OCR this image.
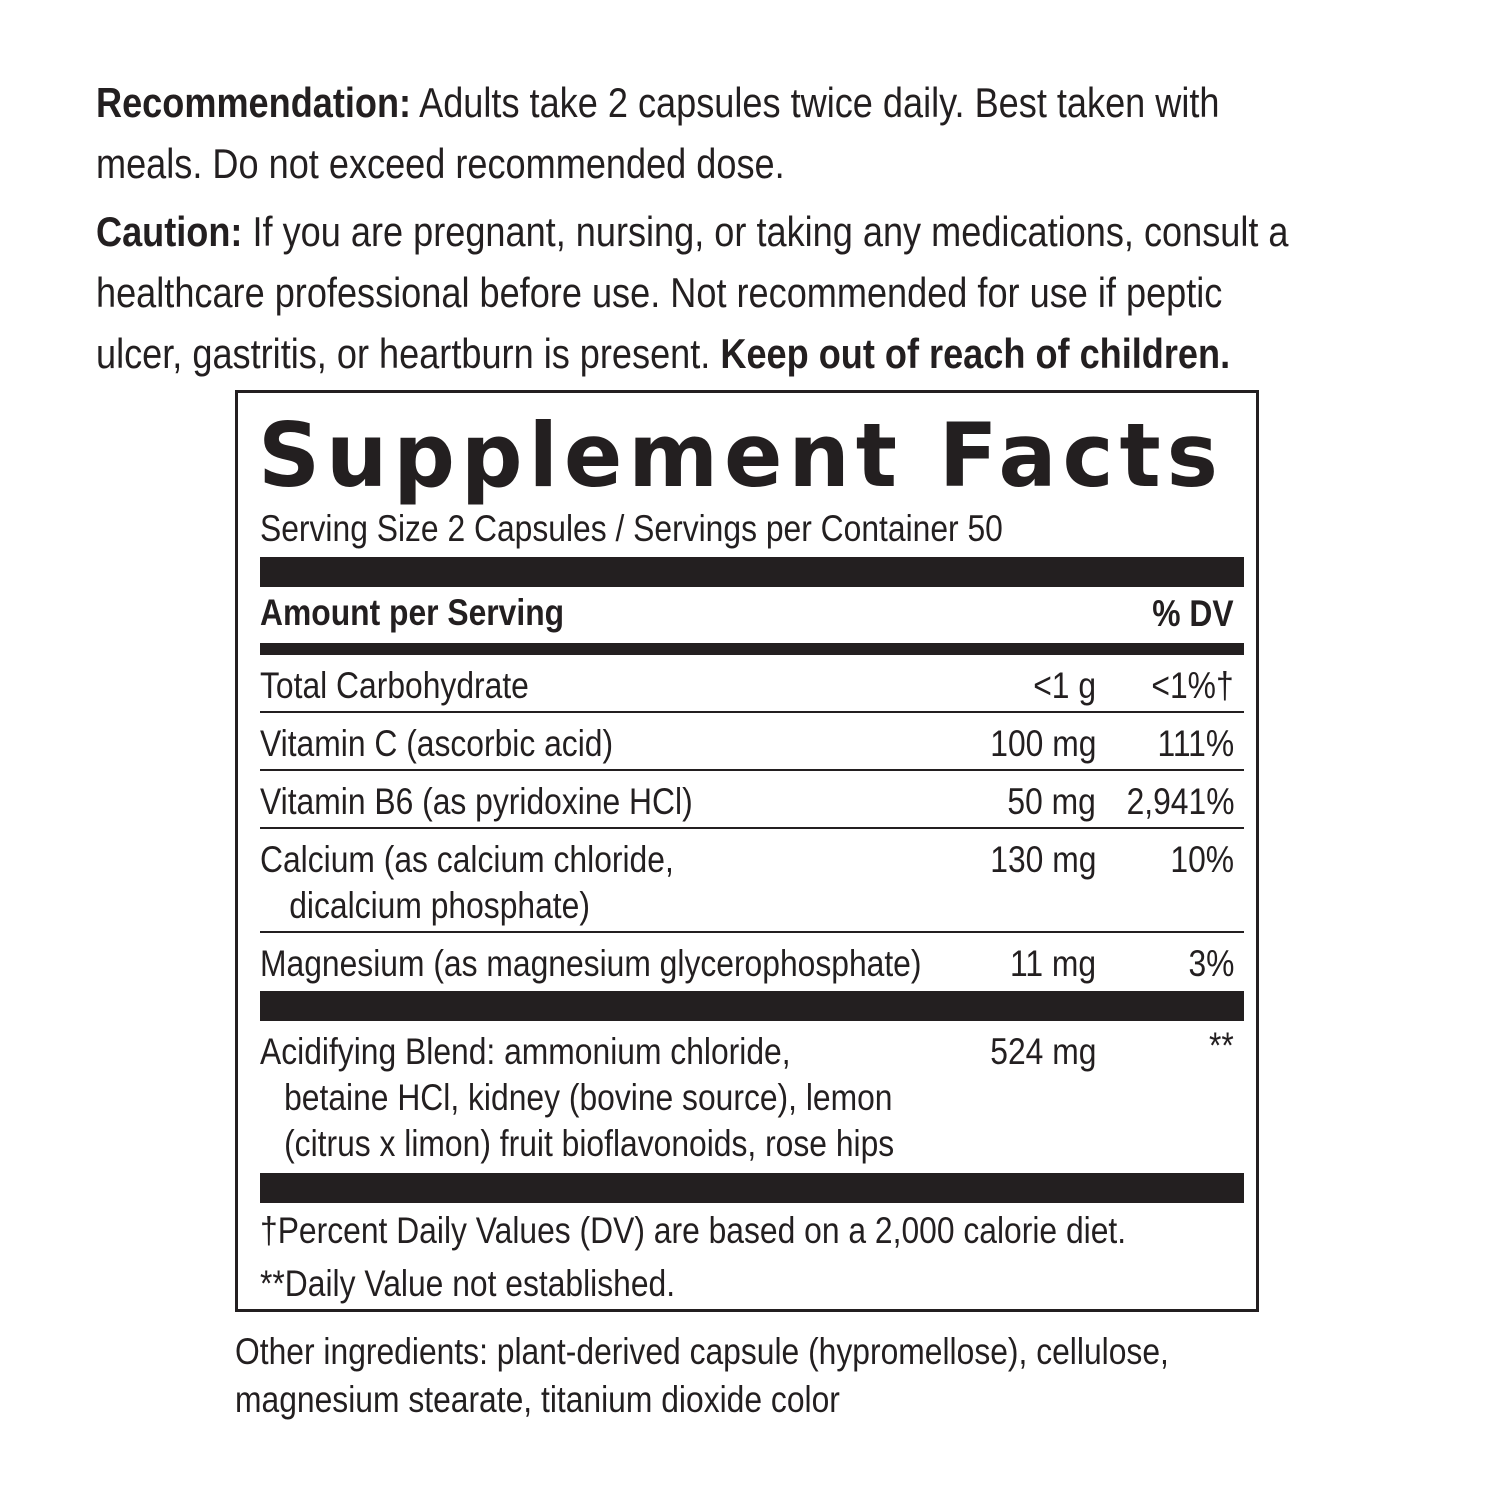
Recommendation: Adults take 2 capsules twice daily. Best taken with
meals. Do not exceed recommended dose.
Caution: If you are pregnant, nursing, or taking any medications, consult a
healthcare professional before use. Not recommended for use if peptic
ulcer, gastritis, or heartburn is present. Keep out of reach of children.
Supplement Facts
Serving Size 2 Capsules / Servings per Container 50
Amount per Serving	% DV
Total Carbohydrate	<1 g <1%†
Vitamin C (ascorbic acid)	100 mg 111%
Vitamin B6 (as pyridoxine HCl)	50 mg 2,941%
Calcium (as calcium chloride,
dicalcium phosphate)
130 mg 10%
Magnesium (as magnesium glycerophosphate)	11 mg 3%
Acidifying Blend: ammonium chloride,
betaine HCl, kidney (bovine source), lemon
(citrus x limon) fruit bioflavonoids, rose hips
524 mg	**
†Percent Daily Values (DV) are based on a 2,000 calorie diet.
**Daily Value not established.
Other ingredients: plant-derived capsule (hypromellose), cellulose,
magnesium stearate, titanium dioxide color
